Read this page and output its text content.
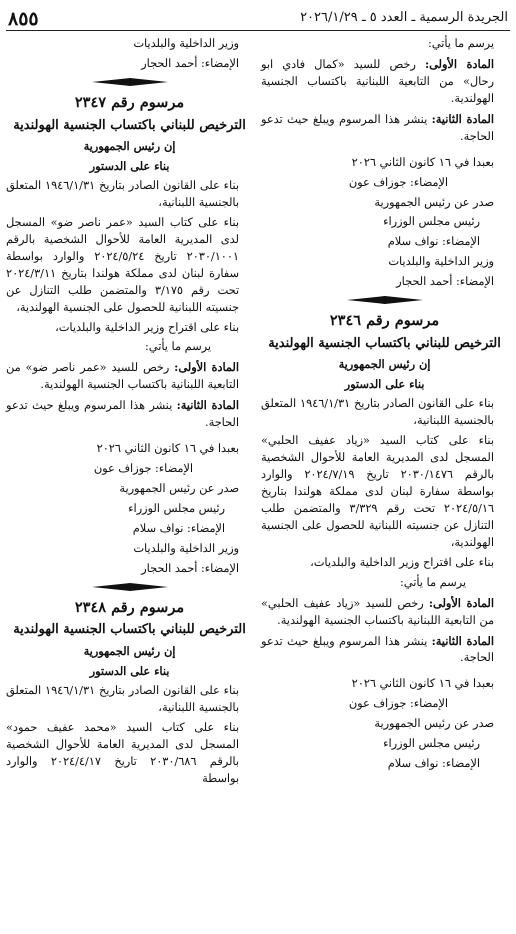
الجريدة الرسمية ـ العدد ٥ ـ ٢٠٢٦/١/٢٩
٨٥٥

يرسم ما يأتي:

المادة الأولى: رخص للسيد «كمال فادي ابو رحال» من التابعية اللبنانية باكتساب الجنسية الهولندية.

المادة الثانية: ينشر هذا المرسوم ويبلغ حيث تدعو الحاجة.

بعبدا في ١٦ كانون الثاني ٢٠٢٦

الإمضاء: جوزاف عون

صدر عن رئيس الجمهورية

رئيس مجلس الوزراء

الإمضاء: نواف سلام

وزير الداخلية والبلديات

الإمضاء: أحمد الحجار

مرسوم رقم ٢٣٤٦

الترخيص للبناني باكتساب الجنسية الهولندية

إن رئيس الجمهورية

بناء على الدستور

بناء على القانون الصادر بتاريخ ١٩٤٦/١/٣١ المتعلق بالجنسية اللبنانية،

بناء على كتاب السيد «زياد عفيف الحلبي» المسجل لدى المديرية العامة للأحوال الشخصية بالرقم ٢٠٣٠/١٤٧٦ تاريخ ٢٠٢٤/٧/١٩ والوارد بواسطة سفارة لبنان لدى مملكة هولندا بتاريخ ٢٠٢٤/٥/١٦ تحت رقم ٣/٣٢٩ والمتضمن طلب التنازل عن جنسيته اللبنانية للحصول على الجنسية الهولندية،

بناء على اقتراح وزير الداخلية والبلديات،

يرسم ما يأتي:

المادة الأولى: رخص للسيد «زياد عفيف الحلبي» من التابعية اللبنانية باكتساب الجنسية الهولندية.

المادة الثانية: ينشر هذا المرسوم ويبلغ حيث تدعو الحاجة.

بعبدا في ١٦ كانون الثاني ٢٠٢٦

الإمضاء: جوزاف عون

صدر عن رئيس الجمهورية

رئيس مجلس الوزراء

الإمضاء: نواف سلام

وزير الداخلية والبلديات

الإمضاء: أحمد الحجار

مرسوم رقم ٢٣٤٧

الترخيص للبناني باكتساب الجنسية الهولندية

إن رئيس الجمهورية

بناء على الدستور

بناء على القانون الصادر بتاريخ ١٩٤٦/١/٣١ المتعلق بالجنسية اللبنانية،

بناء على كتاب السيد «عمر ناصر ضو» المسجل لدى المديرية العامة للأحوال الشخصية بالرقم ٢٠٣٠/١٠٠١ تاريخ ٢٠٢٤/٥/٢٤ والوارد بواسطة سفارة لبنان لدى مملكة هولندا بتاريخ ٢٠٢٤/٣/١١ تحت رقم ٣/١٧٥ والمتضمن طلب التنازل عن جنسيته اللبنانية للحصول على الجنسية الهولندية،

بناء على اقتراح وزير الداخلية والبلديات،

يرسم ما يأتي:

المادة الأولى: رخص للسيد «عمر ناصر ضو» من التابعية اللبنانية باكتساب الجنسية الهولندية.

المادة الثانية: ينشر هذا المرسوم ويبلغ حيث تدعو الحاجة.

بعبدا في ١٦ كانون الثاني ٢٠٢٦

الإمضاء: جوزاف عون

صدر عن رئيس الجمهورية

رئيس مجلس الوزراء

الإمضاء: نواف سلام

وزير الداخلية والبلديات

الإمضاء: أحمد الحجار

مرسوم رقم ٢٣٤٨

الترخيص للبناني باكتساب الجنسية الهولندية

إن رئيس الجمهورية

بناء على الدستور

بناء على القانون الصادر بتاريخ ١٩٤٦/١/٣١ المتعلق بالجنسية اللبنانية،

بناء على كتاب السيد «محمد عفيف حمود» المسجل لدى المديرية العامة للأحوال الشخصية بالرقم ٢٠٣٠/٦٨٦ تاريخ ٢٠٢٤/٤/١٧ والوارد بواسطة
